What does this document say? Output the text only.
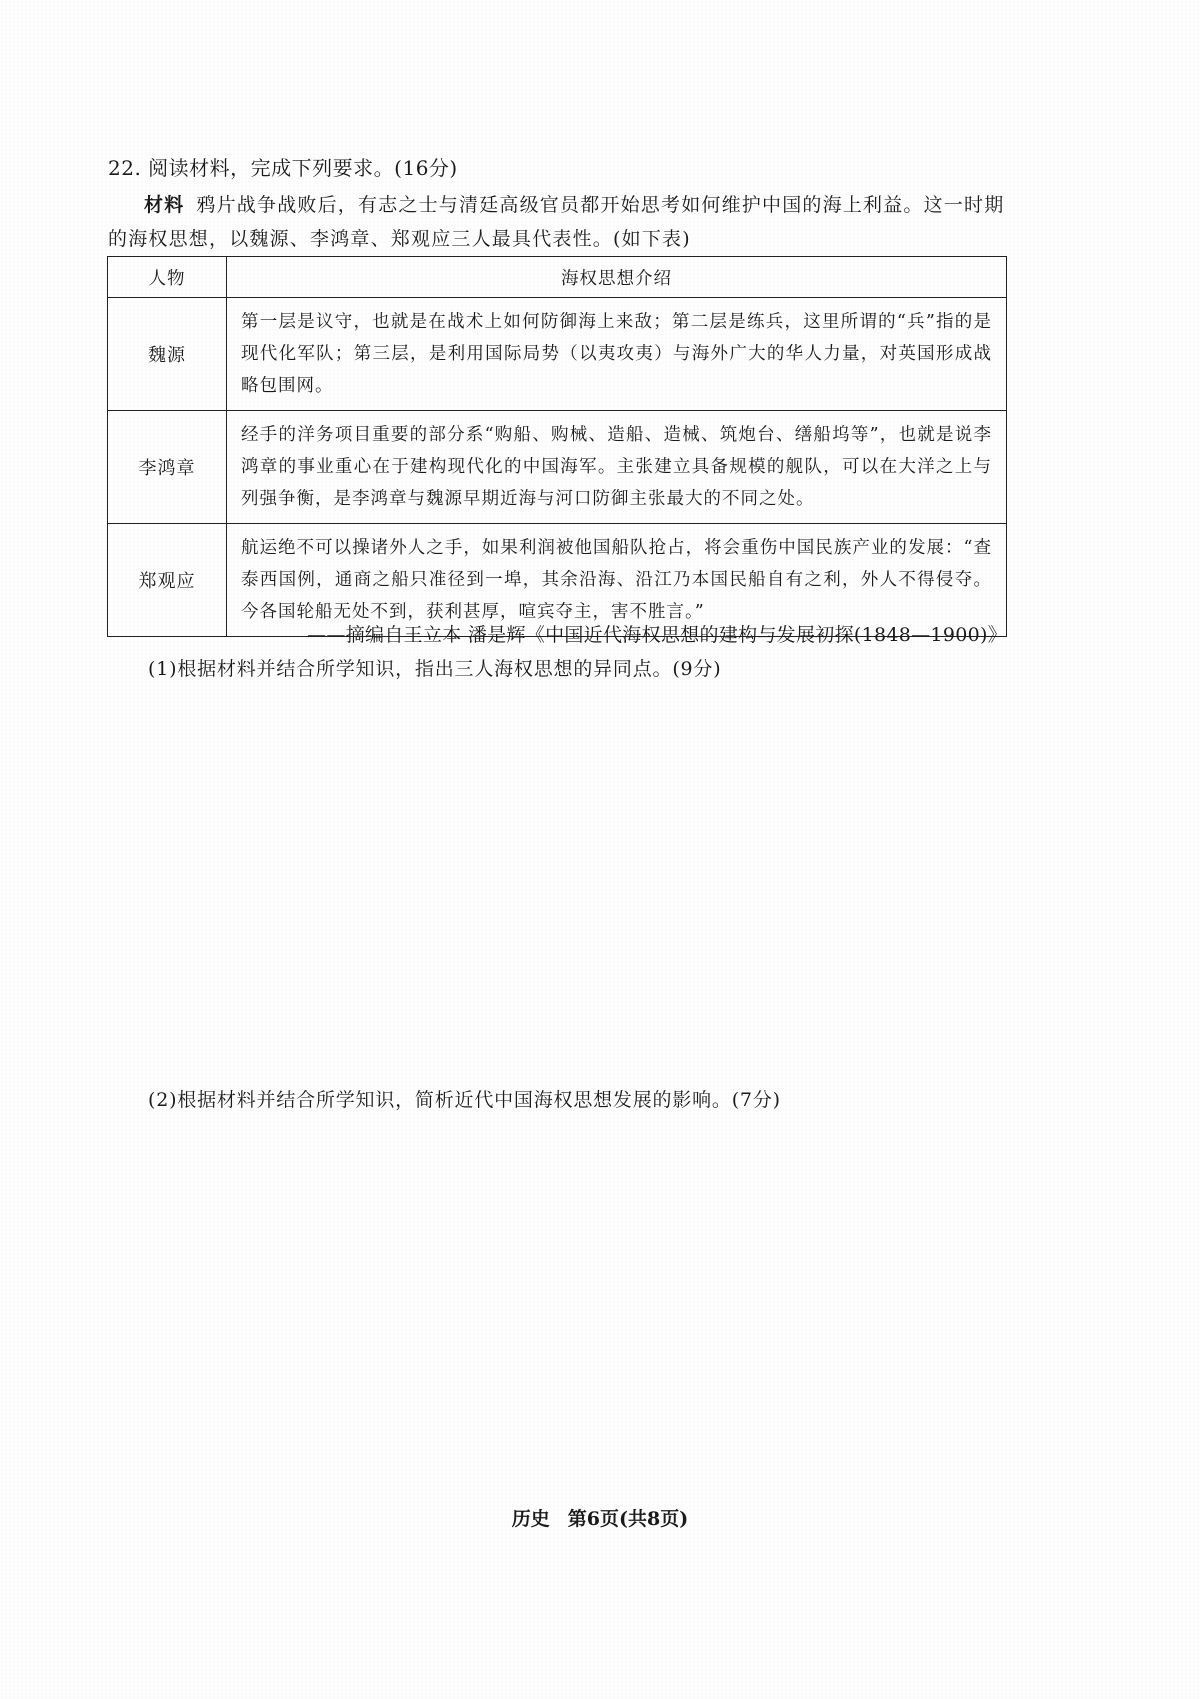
22. 阅读材料，完成下列要求。(16分)
材料 鸦片战争战败后，有志之士与清廷高级官员都开始思考如何维护中国的海上利益。这一时期的海权思想，以魏源、李鸿章、郑观应三人最具代表性。(如下表)
人物	海权思想介绍
魏源	第一层是议守，也就是在战术上如何防御海上来敌；第二层是练兵，这里所谓的“兵”指的是现代化军队；第三层，是利用国际局势（以夷攻夷）与海外广大的华人力量，对英国形成战略包围网。
李鸿章	经手的洋务项目重要的部分系“购船、购械、造船、造械、筑炮台、缮船坞等”，也就是说李鸿章的事业重心在于建构现代化的中国海军。主张建立具备规模的舰队，可以在大洋之上与列强争衡，是李鸿章与魏源早期近海与河口防御主张最大的不同之处。
郑观应	航运绝不可以操诸外人之手，如果利润被他国船队抢占，将会重伤中国民族产业的发展：“查泰西国例，通商之船只准径到一埠，其余沿海、沿江乃本国民船自有之利，外人不得侵夺。今各国轮船无处不到，获利甚厚，喧宾夺主，害不胜言。”
——摘编自王立本 潘是辉《中国近代海权思想的建构与发展初探(1848—1900)》
(1)根据材料并结合所学知识，指出三人海权思想的异同点。(9分)
(2)根据材料并结合所学知识，简析近代中国海权思想发展的影响。(7分)
历史 第6页(共8页)
